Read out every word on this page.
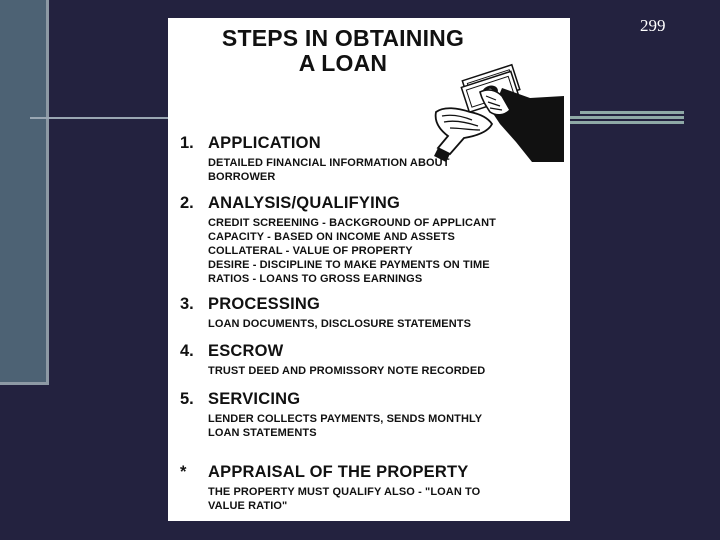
299
STEPS IN OBTAINING
A LOAN
1. APPLICATION
DETAILED FINANCIAL INFORMATION ABOUT
BORROWER
2. ANALYSIS/QUALIFYING
CREDIT SCREENING - BACKGROUND OF APPLICANT
CAPACITY - BASED ON INCOME AND ASSETS
COLLATERAL - VALUE OF PROPERTY
DESIRE - DISCIPLINE TO MAKE PAYMENTS ON TIME
RATIOS - LOANS TO GROSS EARNINGS
3. PROCESSING
LOAN DOCUMENTS, DISCLOSURE STATEMENTS
4. ESCROW
TRUST DEED AND PROMISSORY NOTE RECORDED
5. SERVICING
LENDER COLLECTS PAYMENTS, SENDS MONTHLY
LOAN STATEMENTS
* APPRAISAL OF THE PROPERTY
THE PROPERTY MUST QUALIFY ALSO - "LOAN TO
VALUE RATIO"
